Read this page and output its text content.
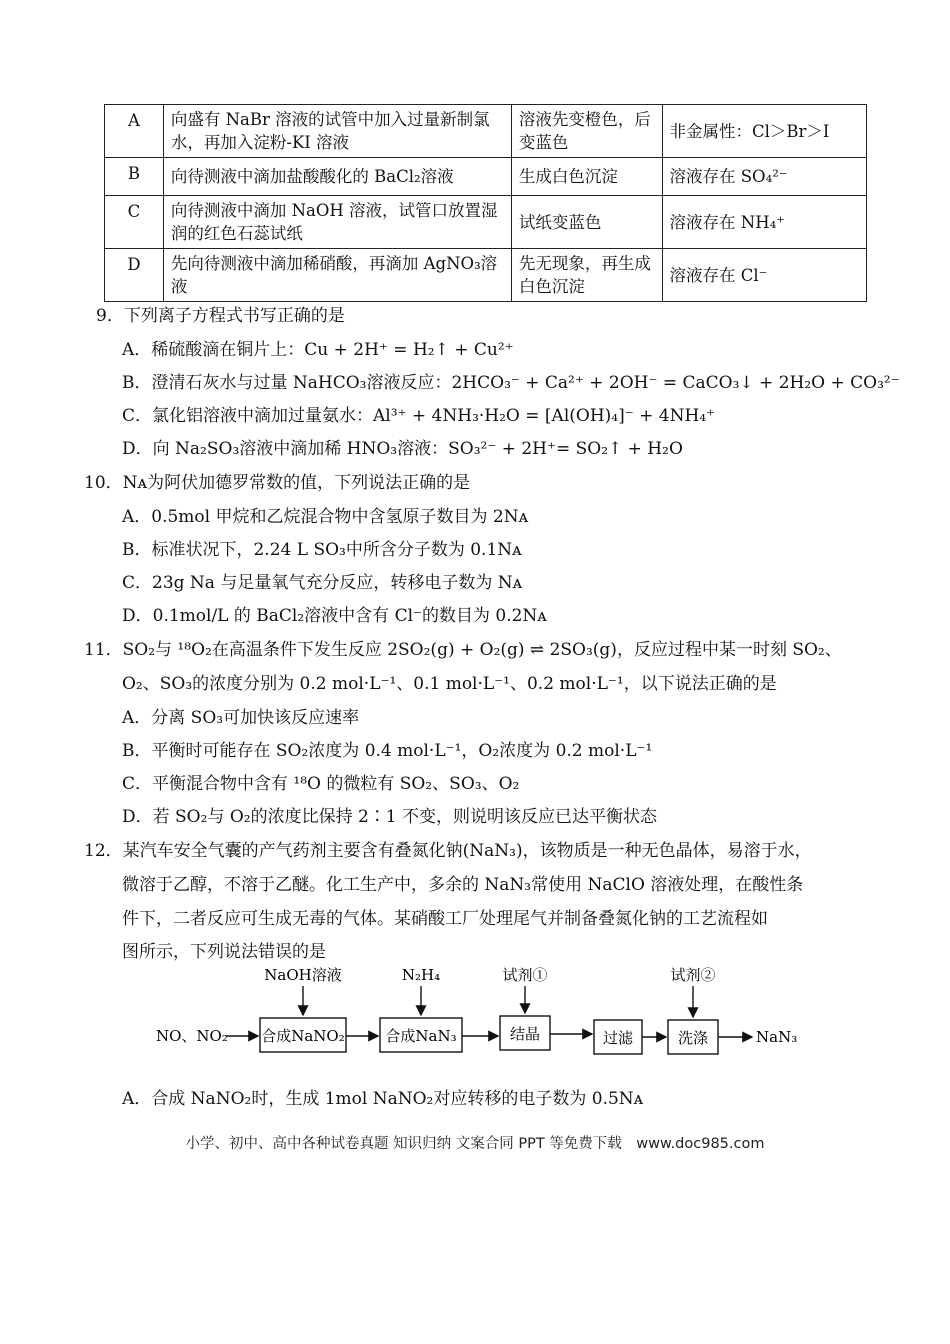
A	向盛有 NaBr 溶液的试管中加入过量新制氯水，再加入淀粉-KI 溶液	溶液先变橙色，后变蓝色	非金属性：Cl＞Br＞I
B	向待测液中滴加盐酸酸化的 BaCl₂溶液	生成白色沉淀	溶液存在 SO₄²⁻
C	向待测液中滴加 NaOH 溶液，试管口放置湿润的红色石蕊试纸	试纸变蓝色	溶液存在 NH₄⁺
D	先向待测液中滴加稀硝酸，再滴加 AgNO₃溶液	先无现象，再生成白色沉淀	溶液存在 Cl⁻
9．下列离子方程式书写正确的是
A．稀硫酸滴在铜片上：Cu + 2H⁺ = H₂↑ + Cu²⁺
B．澄清石灰水与过量 NaHCO₃溶液反应：2HCO₃⁻ + Ca²⁺ + 2OH⁻ = CaCO₃↓ + 2H₂O + CO₃²⁻
C．氯化铝溶液中滴加过量氨水：Al³⁺ + 4NH₃·H₂O = [Al(OH)₄]⁻ + 4NH₄⁺
D．向 Na₂SO₃溶液中滴加稀 HNO₃溶液：SO₃²⁻ + 2H⁺= SO₂↑ + H₂O
10．Nᴀ为阿伏加德罗常数的值，下列说法正确的是
A．0.5mol 甲烷和乙烷混合物中含氢原子数目为 2Nᴀ
B．标准状况下，2.24 L SO₃中所含分子数为 0.1Nᴀ
C．23g Na 与足量氧气充分反应，转移电子数为 Nᴀ
D．0.1mol/L 的 BaCl₂溶液中含有 Cl⁻的数目为 0.2Nᴀ
11．SO₂与 ¹⁸O₂在高温条件下发生反应 2SO₂(g) + O₂(g) ⇌ 2SO₃(g)，反应过程中某一时刻 SO₂、
O₂、SO₃的浓度分别为 0.2 mol·L⁻¹、0.1 mol·L⁻¹、0.2 mol·L⁻¹，以下说法正确的是
A．分离 SO₃可加快该反应速率
B．平衡时可能存在 SO₂浓度为 0.4 mol·L⁻¹，O₂浓度为 0.2 mol·L⁻¹
C．平衡混合物中含有 ¹⁸O 的微粒有 SO₂、SO₃、O₂
D．若 SO₂与 O₂的浓度比保持 2∶1 不变，则说明该反应已达平衡状态
12．某汽车安全气囊的产气药剂主要含有叠氮化钠(NaN₃)，该物质是一种无色晶体，易溶于水，
微溶于乙醇，不溶于乙醚。化工生产中，多余的 NaN₃常使用 NaClO 溶液处理，在酸性条
件下，二者反应可生成无毒的气体。某硝酸工厂处理尾气并制备叠氮化钠的工艺流程如
图所示，下列说法错误的是
NO、NO₂ 合成NaNO₂
NaOH溶液
合成NaN₃
N₂H₄
结晶
试剂①
过滤	洗涤
试剂②
NaN₃
A．合成 NaNO₂时，生成 1mol NaNO₂对应转移的电子数为 0.5Nᴀ
小学、初中、高中各种试卷真题 知识归纳 文案合同 PPT 等免费下载　www.doc985.com
